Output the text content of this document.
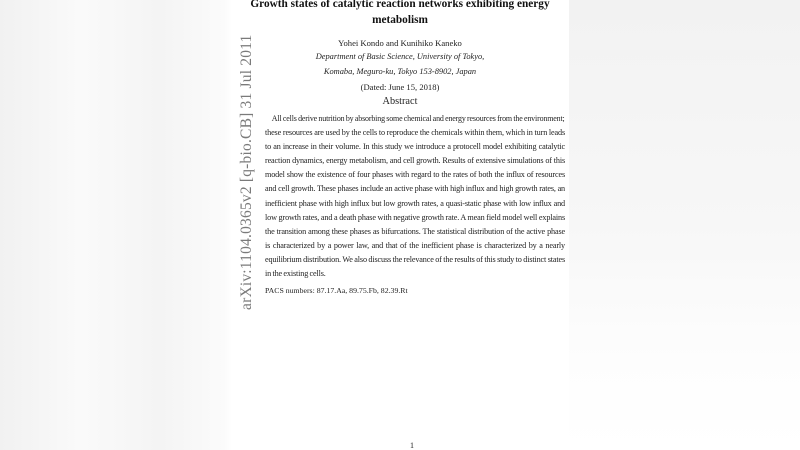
arXiv:1104.0365v2 [q-bio.CB] 31 Jul 2011
Growth states of catalytic reaction networks exhibiting energy
metabolism
Yohei Kondo and Kunihiko Kaneko
Department of Basic Science, University of Tokyo,
Komaba, Meguro-ku, Tokyo 153-8902, Japan
(Dated: June 15, 2018)
Abstract
All cells derive nutrition by absorbing some chemical and energy resources from the environment;
these resources are used by the cells to reproduce the chemicals within them, which in turn leads
to an increase in their volume. In this study we introduce a protocell model exhibiting catalytic
reaction dynamics, energy metabolism, and cell growth. Results of extensive simulations of this
model show the existence of four phases with regard to the rates of both the influx of resources
and cell growth. These phases include an active phase with high influx and high growth rates, an
inefficient phase with high influx but low growth rates, a quasi-static phase with low influx and
low growth rates, and a death phase with negative growth rate. A mean field model well explains
the transition among these phases as bifurcations. The statistical distribution of the active phase
is characterized by a power law, and that of the inefficient phase is characterized by a nearly
equilibrium distribution. We also discuss the relevance of the results of this study to distinct states
in the existing cells.
PACS numbers: 87.17.Aa, 89.75.Fb, 82.39.Rt
1
